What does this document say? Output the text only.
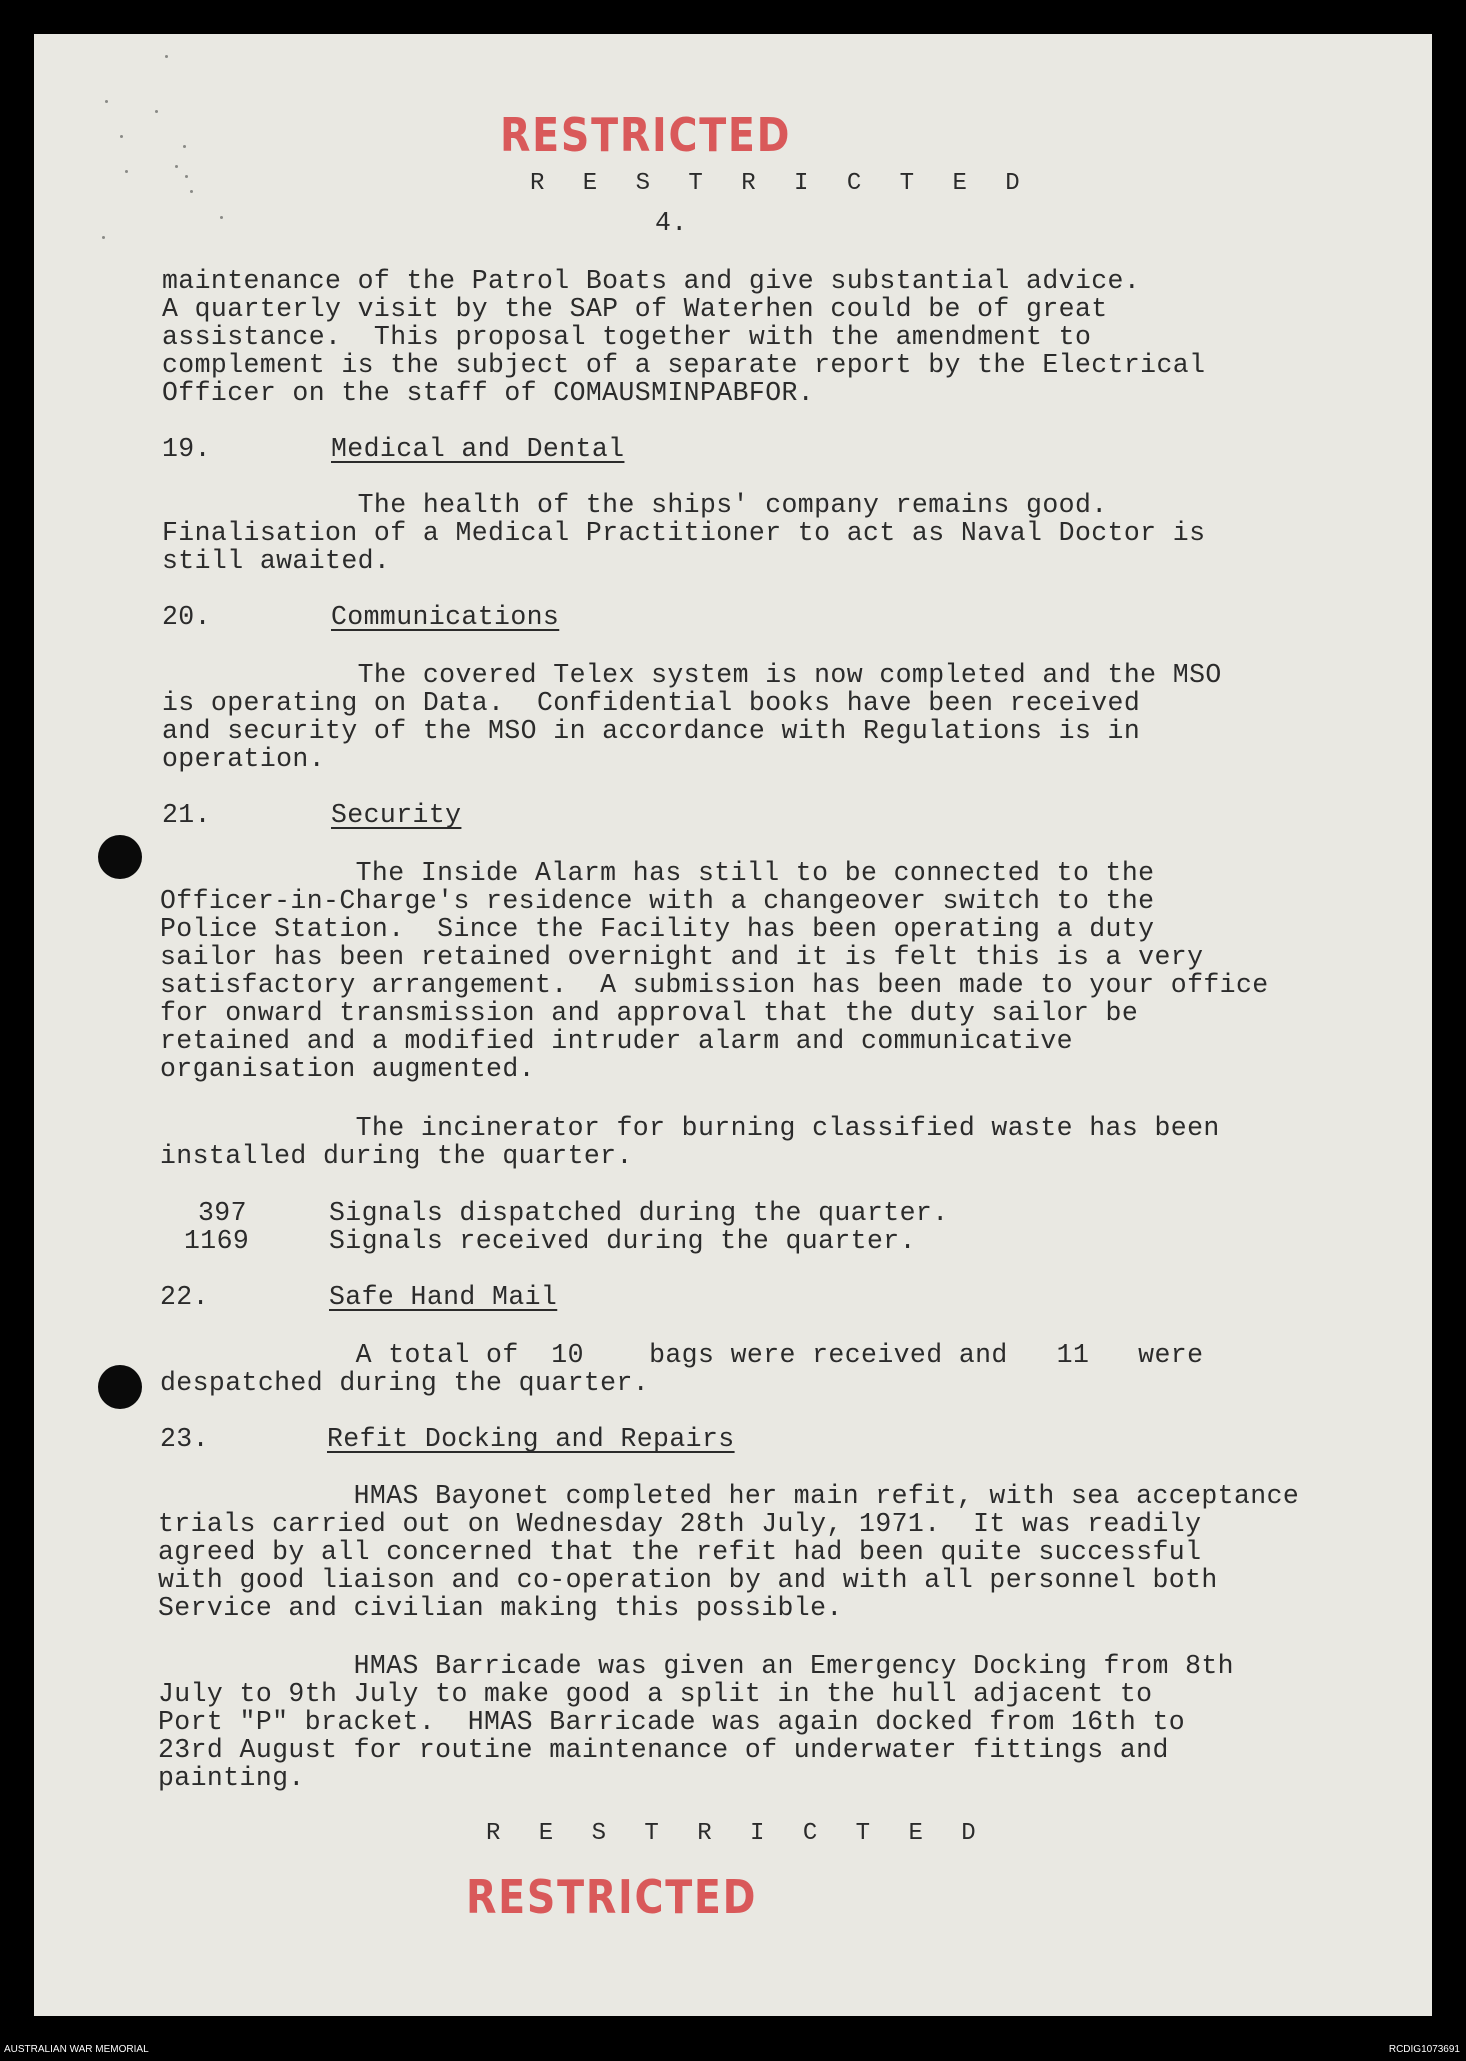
RESTRICTED
R E S T R I C T E D
4.
maintenance of the Patrol Boats and give substantial advice.
A quarterly visit by the SAP of Waterhen could be of great
assistance.  This proposal together with the amendment to
complement is the subject of a separate report by the Electrical
Officer on the staff of COMAUSMINPABFOR.
19.	Medical and Dental
The health of the ships' company remains good.
Finalisation of a Medical Practitioner to act as Naval Doctor is
still awaited.
20.	Communications
The covered Telex system is now completed and the MSO
is operating on Data.  Confidential books have been received
and security of the MSO in accordance with Regulations is in
operation.
21.	Security
The Inside Alarm has still to be connected to the
Officer-in-Charge's residence with a changeover switch to the
Police Station.  Since the Facility has been operating a duty
sailor has been retained overnight and it is felt this is a very
satisfactory arrangement.  A submission has been made to your office
for onward transmission and approval that the duty sailor be
retained and a modified intruder alarm and communicative
organisation augmented.
The incinerator for burning classified waste has been
installed during the quarter.
397	Signals dispatched during the quarter.
1169	Signals received during the quarter.
22.	Safe Hand Mail
A total of  10    bags were received and   11   were
despatched during the quarter.
23.	Refit Docking and Repairs
HMAS Bayonet completed her main refit, with sea acceptance
trials carried out on Wednesday 28th July, 1971.  It was readily
agreed by all concerned that the refit had been quite successful
with good liaison and co-operation by and with all personnel both
Service and civilian making this possible.
HMAS Barricade was given an Emergency Docking from 8th
July to 9th July to make good a split in the hull adjacent to
Port "P" bracket.  HMAS Barricade was again docked from 16th to
23rd August for routine maintenance of underwater fittings and
painting.
R E S T R I C T E D
RESTRICTED
AUSTRALIAN WAR MEMORIAL	RCDIG1073691
